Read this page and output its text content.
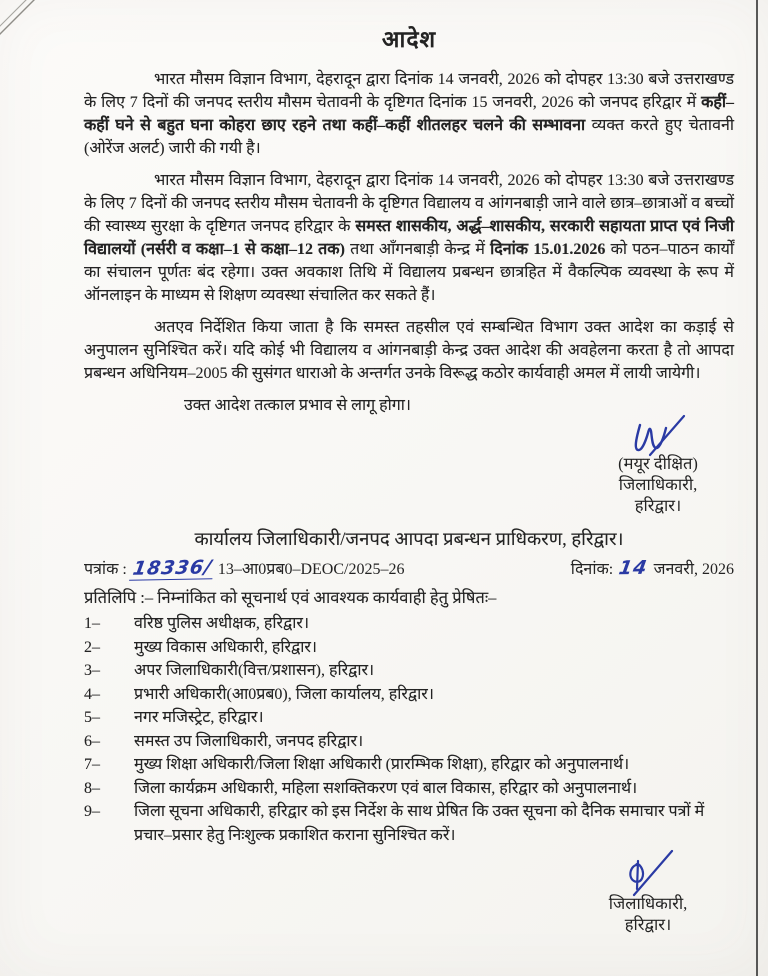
आदेश

भारत मौसम विज्ञान विभाग, देहरादून द्वारा दिनांक 14 जनवरी, 2026 को दोपहर 13:30 बजे उत्तराखण्ड के लिए 7 दिनों की जनपद स्तरीय मौसम चेतावनी के दृष्टिगत दिनांक 15 जनवरी, 2026 को जनपद हरिद्वार में कहीं–कहीं घने से बहुत घना कोहरा छाए रहने तथा कहीं–कहीं शीतलहर चलने की सम्भावना व्यक्त करते हुए चेतावनी (ओरेंज अलर्ट) जारी की गयी है।

भारत मौसम विज्ञान विभाग, देहरादून द्वारा दिनांक 14 जनवरी, 2026 को दोपहर 13:30 बजे उत्तराखण्ड के लिए 7 दिनों की जनपद स्तरीय मौसम चेतावनी के दृष्टिगत विद्यालय व आंगनबाड़ी जाने वाले छात्र–छात्राओं व बच्चों की स्वास्थ्य सुरक्षा के दृष्टिगत जनपद हरिद्वार के समस्त शासकीय, अर्द्ध–शासकीय, सरकारी सहायता प्राप्त एवं निजी विद्यालयों (नर्सरी व कक्षा–1 से कक्षा–12 तक) तथा आँगनबाड़ी केन्द्र में दिनांक 15.01.2026 को पठन–पाठन कार्यों का संचालन पूर्णतः बंद रहेगा। उक्त अवकाश तिथि में विद्यालय प्रबन्धन छात्रहित में वैकल्पिक व्यवस्था के रूप में ऑनलाइन के माध्यम से शिक्षण व्यवस्था संचालित कर सकते हैं।

अतएव निर्देशित किया जाता है कि समस्त तहसील एवं सम्बन्धित विभाग उक्त आदेश का कड़ाई से अनुपालन सुनिश्चित करें। यदि कोई भी विद्यालय व आंगनबाड़ी केन्द्र उक्त आदेश की अवहेलना करता है तो आपदा प्रबन्धन अधिनियम–2005 की सुसंगत धाराओ के अन्तर्गत उनके विरूद्ध कठोर कार्यवाही अमल में लायी जायेगी।

उक्त आदेश तत्काल प्रभाव से लागू होगा।

(मयूर दीक्षित)
जिलाधिकारी,
हरिद्वार।
कार्यालय जिलाधिकारी/जनपद आपदा प्रबन्धन प्राधिकरण, हरिद्वार।
पत्रांक : 18336/ 13–आ0प्रब0–DEOC/2025–26	दिनांक: 14 जनवरी, 2026
प्रतिलिपि :– निम्नांकित को सूचनार्थ एवं आवश्यक कार्यवाही हेतु प्रेषितः–
1–	वरिष्ठ पुलिस अधीक्षक, हरिद्वार।
2–	मुख्य विकास अधिकारी, हरिद्वार।
3–	अपर जिलाधिकारी(वित्त/प्रशासन), हरिद्वार।
4–	प्रभारी अधिकारी(आ0प्रब0), जिला कार्यालय, हरिद्वार।
5–	नगर मजिस्ट्रेट, हरिद्वार।
6–	समस्त उप जिलाधिकारी, जनपद हरिद्वार।
7–	मुख्य शिक्षा अधिकारी/जिला शिक्षा अधिकारी (प्रारम्भिक शिक्षा), हरिद्वार को अनुपालनार्थ।
8–	जिला कार्यक्रम अधिकारी, महिला सशक्तिकरण एवं बाल विकास, हरिद्वार को अनुपालनार्थ।
9–	जिला सूचना अधिकारी, हरिद्वार को इस निर्देश के साथ प्रेषित कि उक्त सूचना को दैनिक समाचार पत्रों में प्रचार–प्रसार हेतु निःशुल्क प्रकाशित कराना सुनिश्चित करें।
जिलाधिकारी,
हरिद्वार।
